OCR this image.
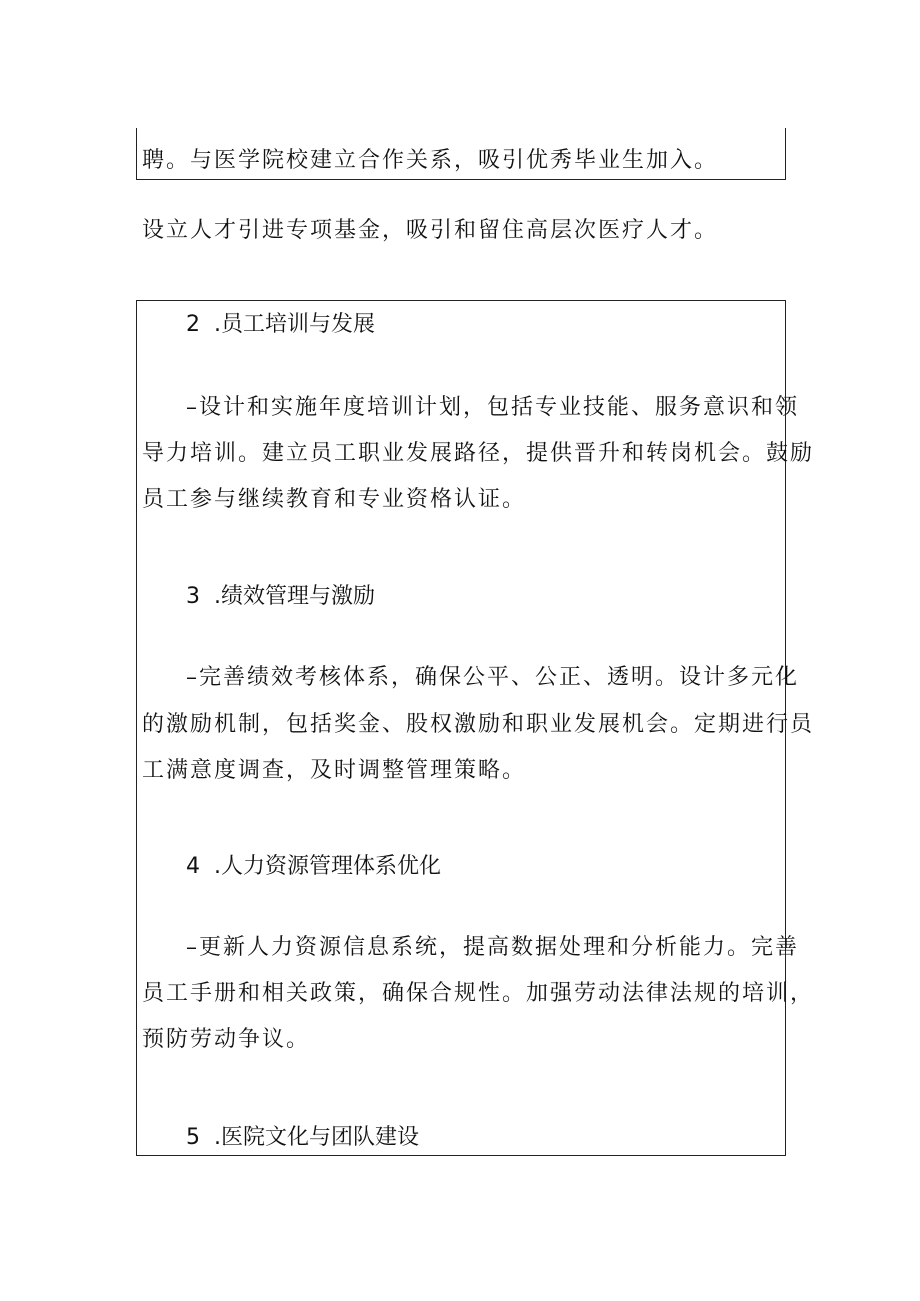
聘。与医学院校建立合作关系，吸引优秀毕业生加入。
设立人才引进专项基金，吸引和留住高层次医疗人才。
2 .员工培训与发展
–设计和实施年度培训计划，包括专业技能、服务意识和领
导力培训。建立员工职业发展路径，提供晋升和转岗机会。鼓励
员工参与继续教育和专业资格认证。
3 .绩效管理与激励
–完善绩效考核体系，确保公平、公正、透明。设计多元化
的激励机制，包括奖金、股权激励和职业发展机会。定期进行员
工满意度调查，及时调整管理策略。
4 .人力资源管理体系优化
–更新人力资源信息系统，提高数据处理和分析能力。完善
员工手册和相关政策，确保合规性。加强劳动法律法规的培训，
预防劳动争议。
5 .医院文化与团队建设
